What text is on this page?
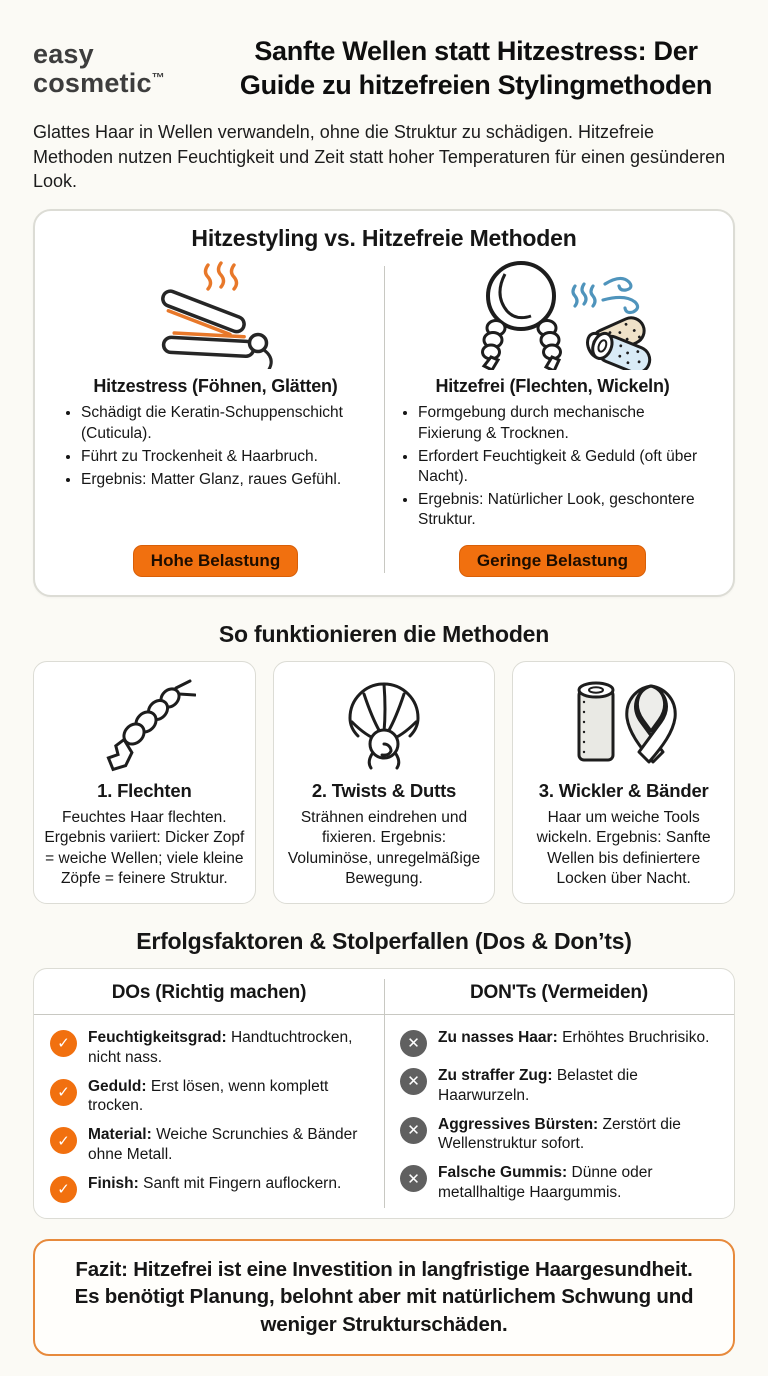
easy
cosmetic™
Sanfte Wellen statt Hitzestress: Der Guide zu hitzefreien Stylingmethoden

Glattes Haar in Wellen verwandeln, ohne die Struktur zu schädigen. Hitzefreie Methoden nutzen Feuchtigkeit und Zeit statt hoher Temperaturen für einen gesünderen Look.

Hitzestyling vs. Hitzefreie Methoden
Hitzestress (Föhnen, Glätten)
• Schädigt die Keratin-Schuppenschicht (Cuticula).
• Führt zu Trockenheit & Haarbruch.
• Ergebnis: Matter Glanz, raues Gefühl.
Hohe Belastung
Hitzefrei (Flechten, Wickeln)
• Formgebung durch mechanische Fixierung & Trocknen.
• Erfordert Feuchtigkeit & Geduld (oft über Nacht).
• Ergebnis: Natürlicher Look, geschontere Struktur.
Geringe Belastung
So funktionieren die Methoden
1. Flechten

Feuchtes Haar flechten. Ergebnis variiert: Dicker Zopf = weiche Wellen; viele kleine Zöpfe = feinere Struktur.

2. Twists & Dutts

Strähnen eindrehen und fixieren. Ergebnis: Voluminöse, unregelmäßige Bewegung.

3. Wickler & Bänder

Haar um weiche Tools wickeln. Ergebnis: Sanfte Wellen bis definiertere Locken über Nacht.

Erfolgsfaktoren & Stolperfallen (Dos & Don’ts)
DOs (Richtig machen)	DON'Ts (Vermeiden)
✓	Feuchtigkeitsgrad: Handtuchtrocken, nicht nass.

✓	Geduld: Erst lösen, wenn komplett trocken.

✓	Material: Weiche Scrunchies & Bänder ohne Metall.

✓	Finish: Sanft mit Fingern auflockern.

✕	Zu nasses Haar: Erhöhtes Bruchrisiko.

✕	Zu straffer Zug: Belastet die Haarwurzeln.

✕	Aggressives Bürsten: Zerstört die Wellenstruktur sofort.

✕	Falsche Gummis: Dünne oder metallhaltige Haargummis.

Fazit: Hitzefrei ist eine Investition in langfristige Haargesundheit. Es benötigt Planung, belohnt aber mit natürlichem Schwung und weniger Strukturschäden.
